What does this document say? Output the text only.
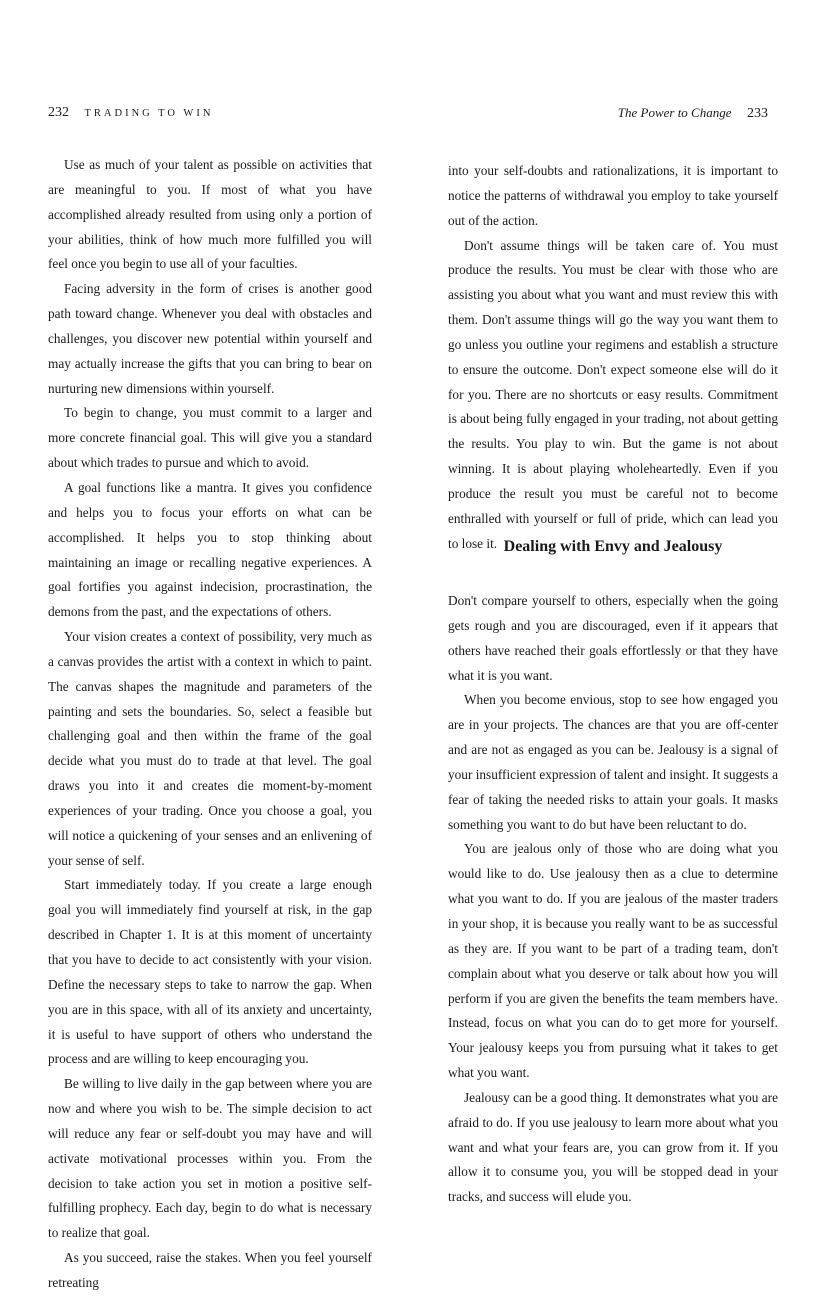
232 TRADING TO WIN

Use as much of your talent as possible on activities that are meaningful to you. If most of what you have accomplished already resulted from using only a portion of your abilities, think of how much more fulfilled you will feel once you begin to use all of your faculties.

Facing adversity in the form of crises is another good path toward change. Whenever you deal with obstacles and challenges, you discover new potential within yourself and may actually increase the gifts that you can bring to bear on nurturing new dimensions within yourself.

To begin to change, you must commit to a larger and more concrete financial goal. This will give you a standard about which trades to pursue and which to avoid.

A goal functions like a mantra. It gives you confidence and helps you to focus your efforts on what can be accomplished. It helps you to stop thinking about maintaining an image or recalling negative experiences. A goal fortifies you against indecision, procrastination, the demons from the past, and the expectations of others.

Your vision creates a context of possibility, very much as a canvas provides the artist with a context in which to paint. The canvas shapes the magnitude and parameters of the painting and sets the boundaries. So, select a feasible but challenging goal and then within the frame of the goal decide what you must do to trade at that level. The goal draws you into it and creates die moment-by-moment experiences of your trading. Once you choose a goal, you will notice a quickening of your senses and an enlivening of your sense of self.

Start immediately today. If you create a large enough goal you will immediately find yourself at risk, in the gap described in Chapter 1. It is at this moment of uncertainty that you have to decide to act consistently with your vision. Define the necessary steps to take to narrow the gap. When you are in this space, with all of its anxiety and uncertainty, it is useful to have support of others who understand the process and are willing to keep encouraging you.

Be willing to live daily in the gap between where you are now and where you wish to be. The simple decision to act will reduce any fear or self-doubt you may have and will activate motivational processes within you. From the decision to take action you set in motion a positive self-fulfilling prophecy. Each day, begin to do what is necessary to realize that goal.

As you succeed, raise the stakes. When you feel yourself retreating

The Power to Change 233

into your self-doubts and rationalizations, it is important to notice the patterns of withdrawal you employ to take yourself out of the action.

Don't assume things will be taken care of. You must produce the results. You must be clear with those who are assisting you about what you want and must review this with them. Don't assume things will go the way you want them to go unless you outline your regimens and establish a structure to ensure the outcome. Don't expect someone else will do it for you. There are no shortcuts or easy results. Commitment is about being fully engaged in your trading, not about getting the results. You play to win. But the game is not about winning. It is about playing wholeheartedly. Even if you produce the result you must be careful not to become enthralled with yourself or full of pride, which can lead you to lose it. Dealing with Envy and Jealousy

Don't compare yourself to others, especially when the going gets rough and you are discouraged, even if it appears that others have reached their goals effortlessly or that they have what it is you want.

When you become envious, stop to see how engaged you are in your projects. The chances are that you are off-center and are not as engaged as you can be. Jealousy is a signal of your insufficient expression of talent and insight. It suggests a fear of taking the needed risks to attain your goals. It masks something you want to do but have been reluctant to do.

You are jealous only of those who are doing what you would like to do. Use jealousy then as a clue to determine what you want to do. If you are jealous of the master traders in your shop, it is because you really want to be as successful as they are. If you want to be part of a trading team, don't complain about what you deserve or talk about how you will perform if you are given the benefits the team members have. Instead, focus on what you can do to get more for yourself. Your jealousy keeps you from pursuing what it takes to get what you want.

Jealousy can be a good thing. It demonstrates what you are afraid to do. If you use jealousy to learn more about what you want and what your fears are, you can grow from it. If you allow it to consume you, you will be stopped dead in your tracks, and success will elude you.
